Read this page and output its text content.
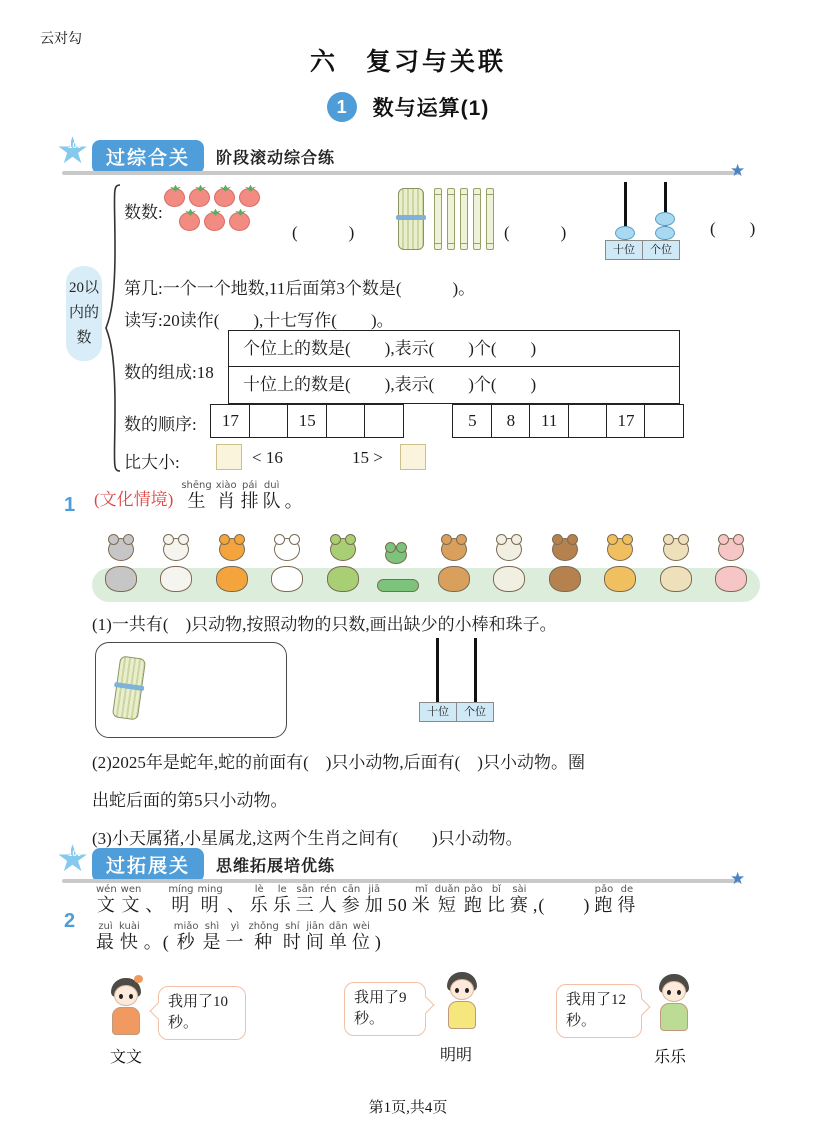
云对勾
六　复习与关联
1	数与运算(1)
★ 100
过综合关	阶段滚动综合练
★
20以内的数
数数:
(　　　)	(　　　)
十位	个位
(　　)
第几:一个一个地数,11后面第3个数是(　　　)。
读写:20读作(　　),十七写作(　　)。
数的组成:18
个位上的数是(　　),表示(　　)个(　　)
十位上的数是(　　),表示(　　)个(　　)
数的顺序:	17	15	5	8	11	17
比大小:	< 16	15 >
1 (文化情境) 生shēng肖xiào排pái队duì。
(1)一共有(　)只动物,按照动物的只数,画出缺少的小棒和珠子。
十位	个位
(2)2025年是蛇年,蛇的前面有(　)只小动物,后面有(　)只小动物。圈
出蛇后面的第5只小动物。
(3)小天属猪,小星属龙,这两个生肖之间有(　　)只小动物。
★ 100
过拓展关	思维拓展培优练
★
2
文wén文wen、 明míng明ming、 乐lè乐le三sān人rén参cān加jiā50 米mǐ短duǎn跑pǎo比bǐ赛sài,(　　) 跑pǎo得de
最zuì快kuài。( 秒miǎo是shì一yì种zhǒng时shí间jiān单dān位wèi)
我用了10秒。
文文
我用了9秒。
明明
我用了12秒。
乐乐
第1页,共4页
